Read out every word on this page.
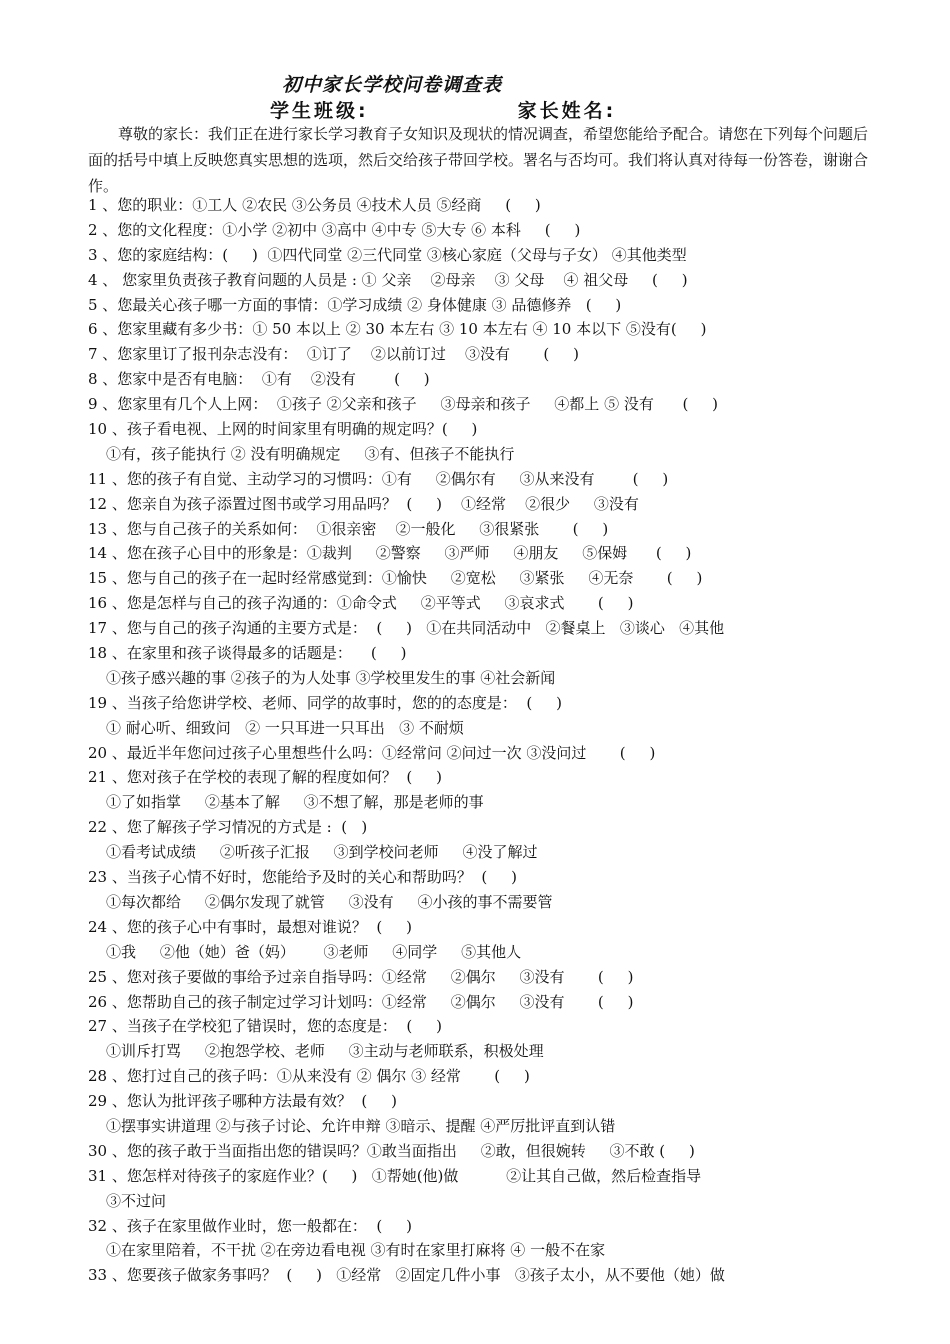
初中家长学校问卷调查表
学生班级:	家长姓名:
尊敬的家长：我们正在进行家长学习教育子女知识及现状的情况调查，希望您能给予配合。请您在下列每个问题后面的括号中填上反映您真实思想的选项，然后交给孩子带回学校。署名与否均可。我们将认真对待每一份答卷，谢谢合作。
1 、您的职业：①工人 ②农民 ③公务员 ④技术人员 ⑤经商     (     )
2 、您的文化程度：①小学 ②初中 ③高中 ④中专 ⑤大专 ⑥ 本科     (     )
3 、您的家庭结构：(     )  ①四代同堂 ②三代同堂 ③核心家庭（父母与子女） ④其他类型
4 、 您家里负责孩子教育问题的人员是 : ① 父亲    ②母亲    ③ 父母    ④ 祖父母     (     )
5 、您最关心孩子哪一方面的事情：①学习成绩 ② 身体健康 ③ 品德修养   (     )
6 、您家里藏有多少书：① 50 本以上 ② 30 本左右 ③ 10 本左右 ④ 10 本以下 ⑤没有(     )
7 、您家里订了报刊杂志没有：  ①订了    ②以前订过    ③没有       (     )
8 、您家中是否有电脑：  ①有    ②没有        (     )
9 、您家里有几个人上网：  ①孩子 ②父亲和孩子     ③母亲和孩子     ④都上 ⑤ 没有      (     )
10 、孩子看电视、上网的时间家里有明确的规定吗？(     )
①有，孩子能执行 ② 没有明确规定     ③有、但孩子不能执行
11 、您的孩子有自觉、主动学习的习惯吗：①有     ②偶尔有     ③从来没有        (     )
12 、您亲自为孩子添置过图书或学习用品吗？  (     )    ①经常    ②很少     ③没有
13 、您与自己孩子的关系如何：  ①很亲密    ②一般化     ③很紧张       (     )
14 、您在孩子心目中的形象是：①裁判     ②警察     ③严师     ④朋友     ⑤保姆      (     )
15 、您与自己的孩子在一起时经常感觉到：①愉快     ②宽松     ③紧张     ④无奈       (     )
16 、您是怎样与自己的孩子沟通的：①命令式     ②平等式     ③哀求式       (     )
17 、您与自己的孩子沟通的主要方式是：  (     )   ①在共同活动中   ②餐桌上   ③谈心   ④其他
18 、在家里和孩子谈得最多的话题是：    (     )
①孩子感兴趣的事 ②孩子的为人处事 ③学校里发生的事 ④社会新闻
19 、当孩子给您讲学校、老师、同学的故事时，您的的态度是：  (     )
① 耐心听、细致问   ② 一只耳进一只耳出   ③ 不耐烦
20 、最近半年您问过孩子心里想些什么吗：①经常问 ②问过一次 ③没问过       (     )
21 、您对孩子在学校的表现了解的程度如何？  (     )
①了如指掌     ②基本了解     ③不想了解，那是老师的事
22 、您了解孩子学习情况的方式是 :  (   )
①看考试成绩     ②听孩子汇报     ③到学校问老师     ④没了解过
23 、当孩子心情不好时，您能给予及时的关心和帮助吗？  (     )
①每次都给     ②偶尔发现了就管     ③没有     ④小孩的事不需要管
24 、您的孩子心中有事时，最想对谁说？  (     )
①我     ②他（她）爸（妈）      ③老师     ④同学     ⑤其他人
25 、您对孩子要做的事给予过亲自指导吗：①经常     ②偶尔     ③没有       (     )
26 、您帮助自己的孩子制定过学习计划吗：①经常     ②偶尔     ③没有       (     )
27 、当孩子在学校犯了错误时，您的态度是：  (     )
①训斥打骂     ②抱怨学校、老师     ③主动与老师联系，积极处理
28 、您打过自己的孩子吗：①从来没有 ② 偶尔 ③ 经常       (     )
29 、您认为批评孩子哪种方法最有效？  (     )
①摆事实讲道理 ②与孩子讨论、允许申辩 ③暗示、提醒 ④严厉批评直到认错
30 、您的孩子敢于当面指出您的错误吗？①敢当面指出     ②敢，但很婉转     ③不敢 (     )
31 、您怎样对待孩子的家庭作业？(     )   ①帮她(他)做          ②让其自己做，然后检查指导
③不过问
32 、孩子在家里做作业时，您一般都在：  (     )
①在家里陪着，不干扰 ②在旁边看电视 ③有时在家里打麻将 ④ 一般不在家
33 、您要孩子做家务事吗？  (     )   ①经常   ②固定几件小事   ③孩子太小，从不要他（她）做
